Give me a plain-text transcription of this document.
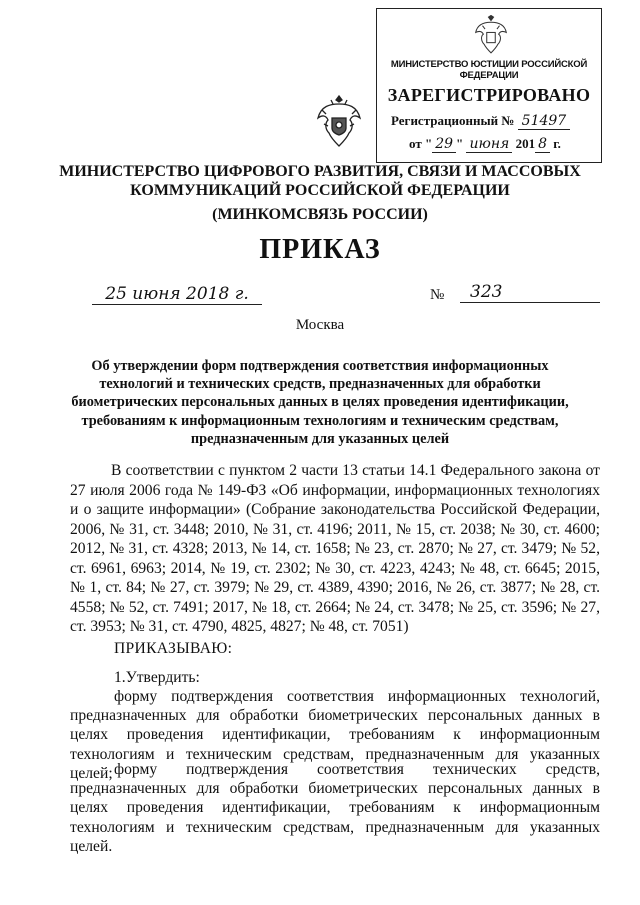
МИНИСТЕРСТВО ЮСТИЦИИ РОССИЙСКОЙ ФЕДЕРАЦИИ
ЗАРЕГИСТРИРОВАНО
Регистрационный № 51497
от " 29 " июня 201 8 г.
МИНИСТЕРСТВО ЦИФРОВОГО РАЗВИТИЯ, СВЯЗИ И МАССОВЫХ
КОММУНИКАЦИЙ РОССИЙСКОЙ ФЕДЕРАЦИИ
(МИНКОМСВЯЗЬ РОССИИ)
ПРИКАЗ
25 июня 2018 г.	№	323
Москва
Об утверждении форм подтверждения соответствия информационных технологий и технических средств, предназначенных для обработки биометрических персональных данных в целях проведения идентификации, требованиям к информационным технологиям и техническим средствам, предназначенным для указанных целей

В соответствии с пунктом 2 части 13 статьи 14.1 Федерального закона от 27 июля 2006 года № 149-ФЗ «Об информации, информационных технологиях и о защите информации» (Собрание законодательства Российской Федерации, 2006, № 31, ст. 3448; 2010, № 31, ст. 4196; 2011, № 15, ст. 2038; № 30, ст. 4600; 2012, № 31, ст. 4328; 2013, № 14, ст. 1658; № 23, ст. 2870; № 27, ст. 3479; № 52, ст. 6961, 6963; 2014, № 19, ст. 2302; № 30, ст. 4223, 4243; № 48, ст. 6645; 2015, № 1, ст. 84; № 27, ст. 3979; № 29, ст. 4389, 4390; 2016, № 26, ст. 3877; № 28, ст. 4558; № 52, ст. 7491; 2017, № 18, ст. 2664; № 24, ст. 3478; № 25, ст. 3596; № 27, ст. 3953; № 31, ст. 4790, 4825, 4827; № 48, ст. 7051)

ПРИКАЗЫВАЮ:
1.Утвердить:

форму подтверждения соответствия информационных технологий, предназначенных для обработки биометрических персональных данных в целях проведения идентификации, требованиям к информационным технологиям и техническим средствам, предназначенным для указанных целей; форму подтверждения соответствия технических средств, предназначенных для обработки биометрических персональных данных в целях проведения идентификации, требованиям к информационным технологиям и техническим средствам, предназначенным для указанных целей.
